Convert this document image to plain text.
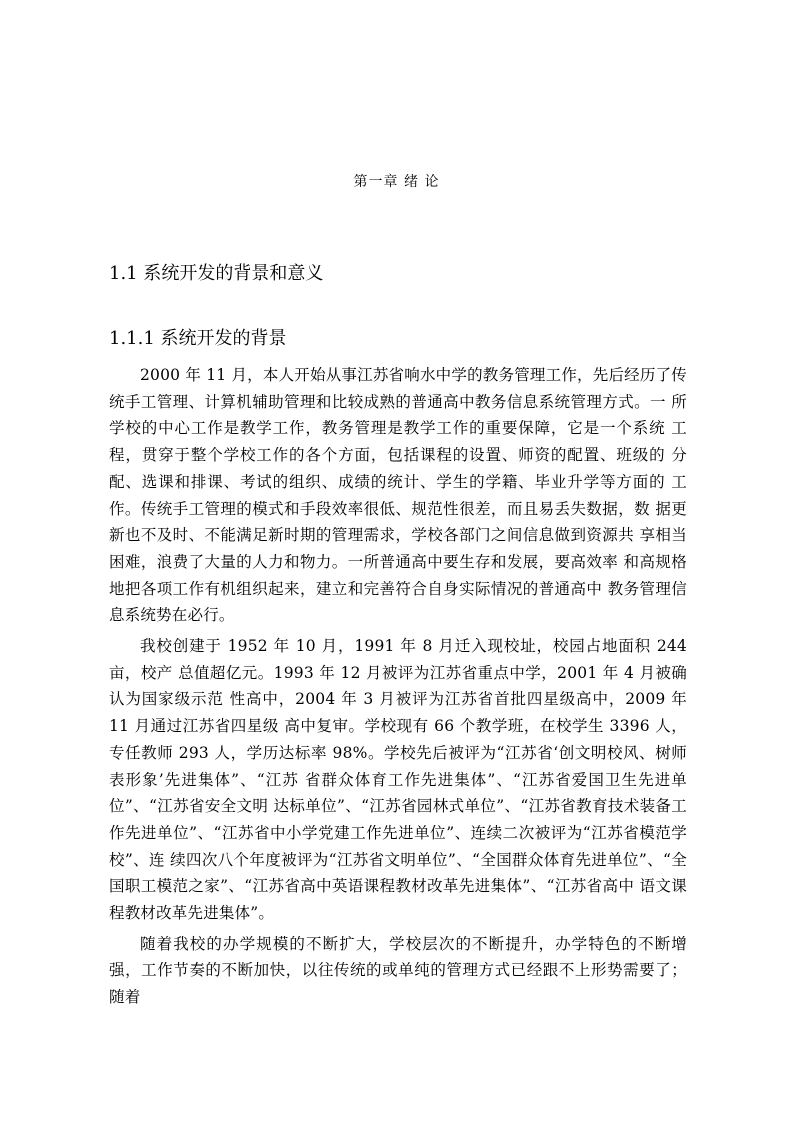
第一章 绪 论
1.1 系统开发的背景和意义
1.1.1 系统开发的背景

2000 年 11 月，本人开始从事江苏省响水中学的教务管理工作，先后经历了传 统手工管理、计算机辅助管理和比较成熟的普通高中教务信息系统管理方式。一 所学校的中心工作是教学工作，教务管理是教学工作的重要保障，它是一个系统 工程，贯穿于整个学校工作的各个方面，包括课程的设置、师资的配置、班级的 分配、选课和排课、考试的组织、成绩的统计、学生的学籍、毕业升学等方面的 工作。传统手工管理的模式和手段效率很低、规范性很差，而且易丢失数据，数 据更新也不及时、不能满足新时期的管理需求，学校各部门之间信息做到资源共 享相当困难，浪费了大量的人力和物力。一所普通高中要生存和发展，要高效率 和高规格地把各项工作有机组织起来，建立和完善符合自身实际情况的普通高中 教务管理信息系统势在必行。

我校创建于 1952 年 10 月，1991 年 8 月迁入现校址，校园占地面积 244 亩，校产 总值超亿元。1993 年 12 月被评为江苏省重点中学，2001 年 4 月被确认为国家级示范 性高中，2004 年 3 月被评为江苏省首批四星级高中，2009 年 11 月通过江苏省四星级 高中复审。学校现有 66 个教学班，在校学生 3396 人，专任教师 293 人，学历达标率 98%。学校先后被评为“江苏省‘创文明校风、树师表形象’先进集体”、“江苏 省群众体育工作先进集体”、“江苏省爱国卫生先进单位”、“江苏省安全文明 达标单位”、“江苏省园林式单位”、“江苏省教育技术装备工作先进单位”、“江苏省中小学党建工作先进单位”、连续二次被评为“江苏省模范学校”、连 续四次八个年度被评为“江苏省文明单位”、“全国群众体育先进单位”、“全 国职工模范之家”、“江苏省高中英语课程教材改革先进集体”、“江苏省高中 语文课程教材改革先进集体”。

随着我校的办学规模的不断扩大，学校层次的不断提升，办学特色的不断增 强，工作节奏的不断加快，以往传统的或单纯的管理方式已经跟不上形势需要了； 随着
